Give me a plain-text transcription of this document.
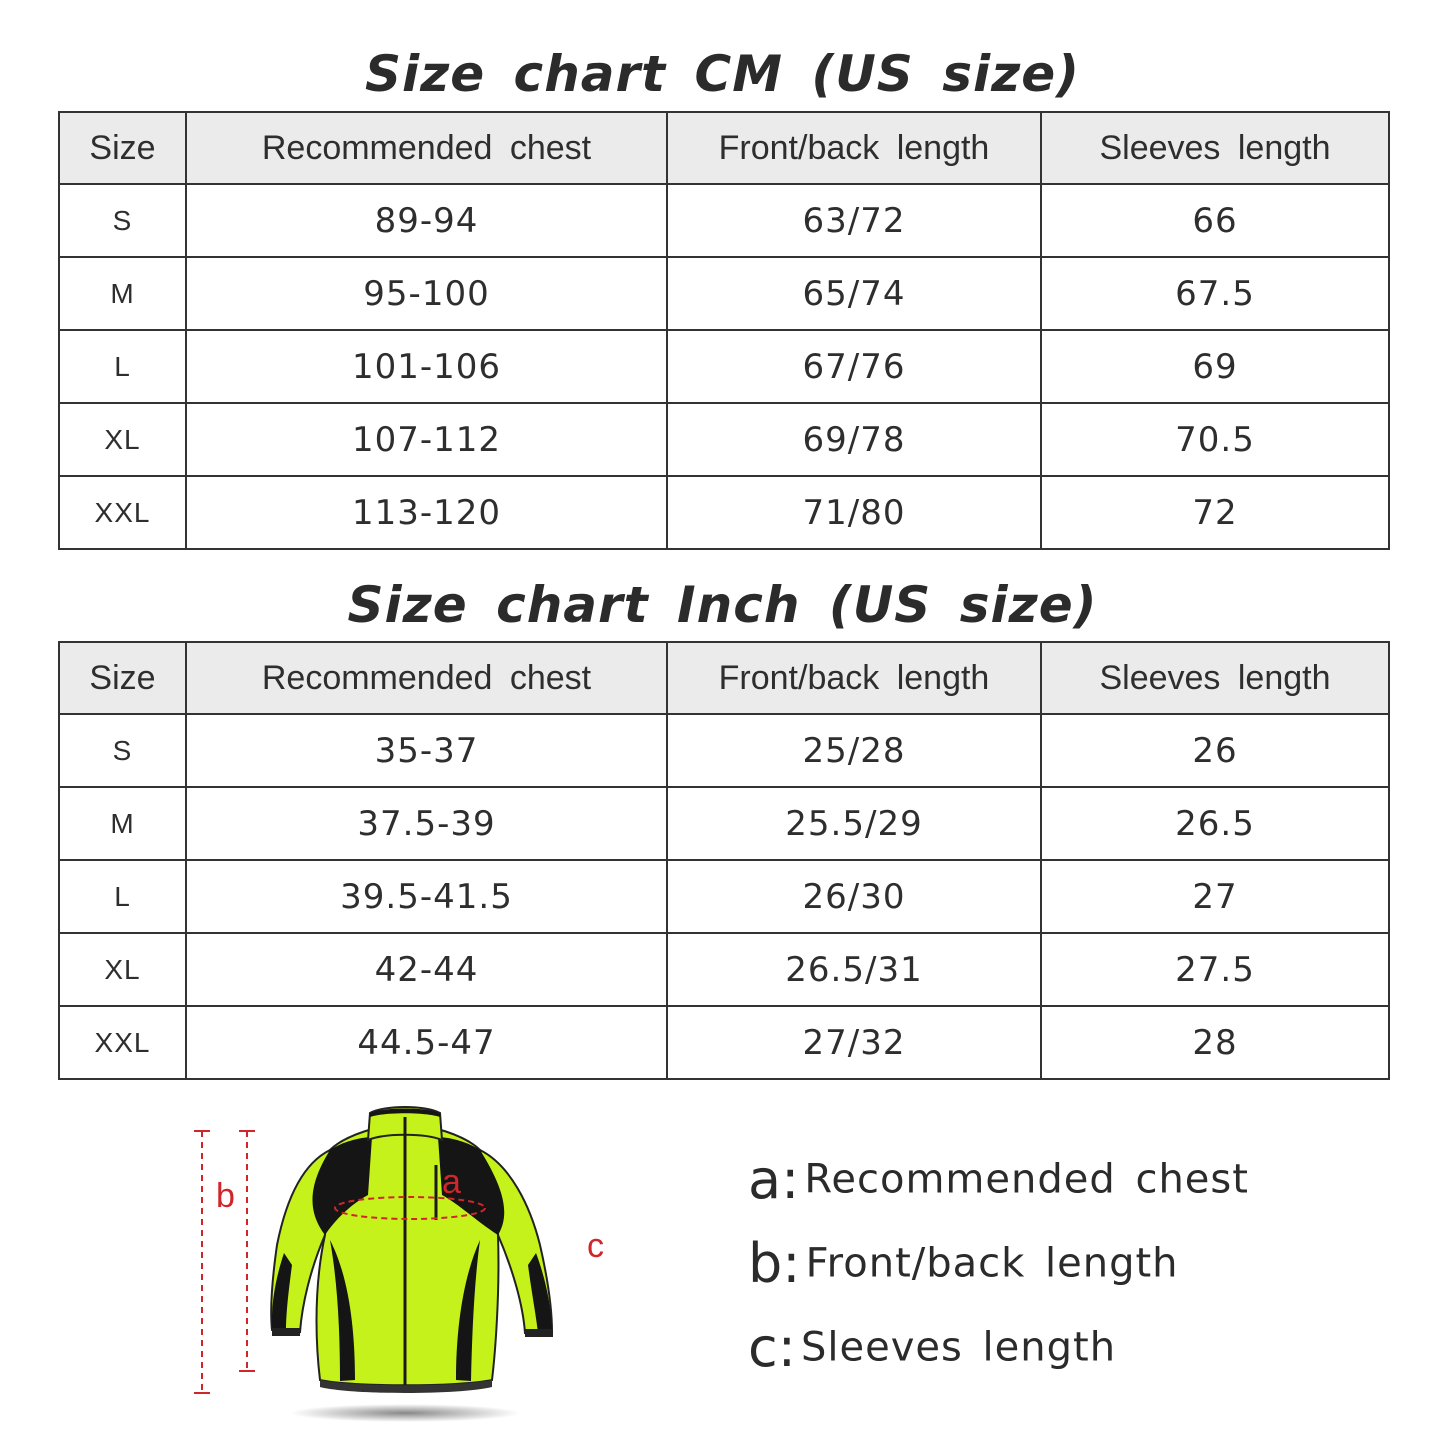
Size chart CM (US size)
Size	Recommended chest	Front/back length	Sleeves length
S	89-94	63/72	66
M	95-100	65/74	67.5
L	101-106	67/76	69
XL	107-112	69/78	70.5
XXL	113-120	71/80	72
Size chart Inch (US size)
Size	Recommended chest	Front/back length	Sleeves length
S	35-37	25/28	26
M	37.5-39	25.5/29	26.5
L	39.5-41.5	26/30	27
XL	42-44	26.5/31	27.5
XXL	44.5-47	27/32	28
a
b
c
a: Recommended chest
b: Front/back length
c: Sleeves length
